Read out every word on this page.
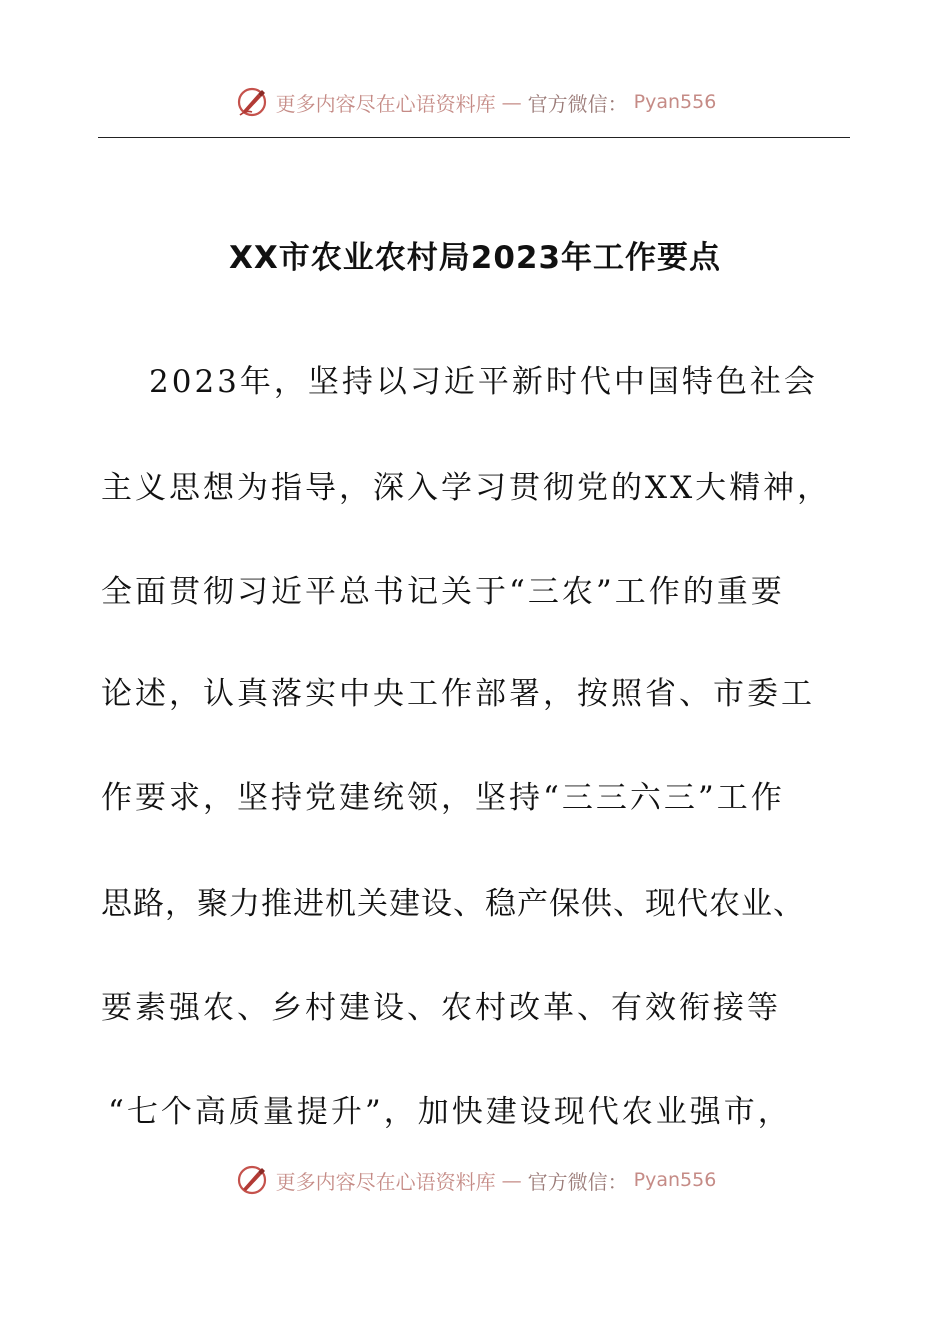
更多内容尽在心语资料库 — 官方微信： Pyan556
XX市农业农村局2023年工作要点

2023年，坚持以习近平新时代中国特色社会

主义思想为指导，深入学习贯彻党的XX大精神，

全面贯彻习近平总书记关于“三农”工作的重要

论述，认真落实中央工作部署，按照省、市委工

作要求，坚持党建统领，坚持“三三六三”工作

思路，聚力推进机关建设、稳产保供、现代农业、

要素强农、乡村建设、农村改革、有效衔接等

“七个高质量提升”，加快建设现代农业强市，

更多内容尽在心语资料库 — 官方微信： Pyan556
